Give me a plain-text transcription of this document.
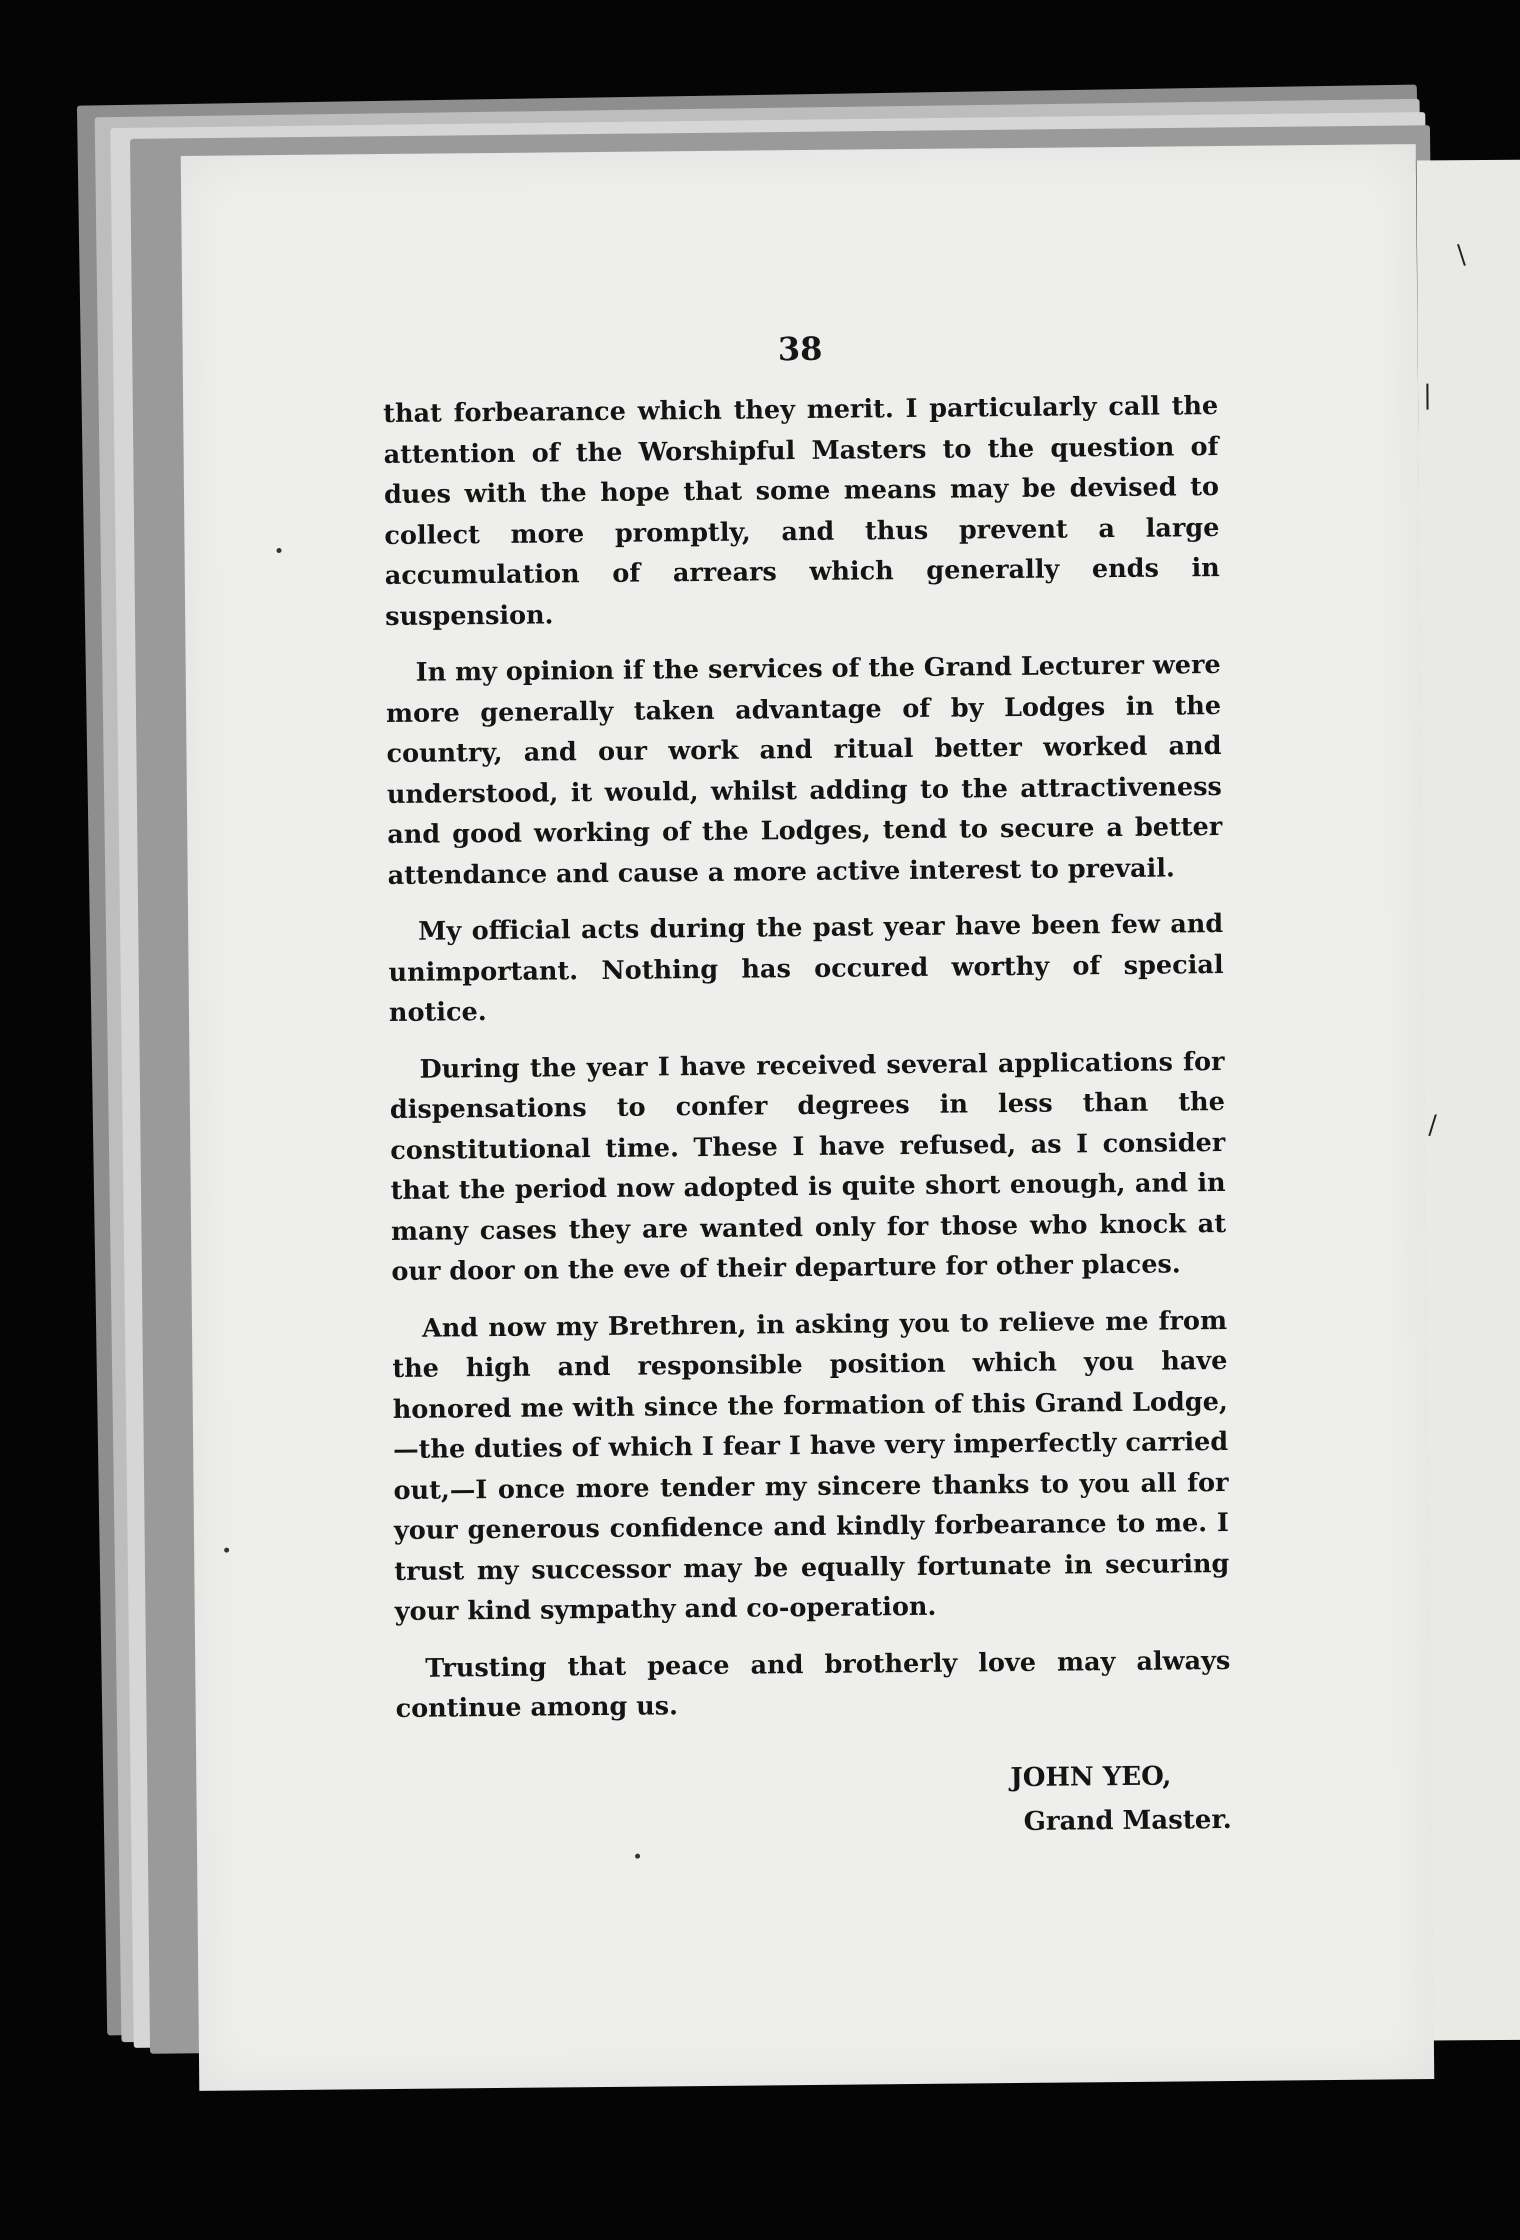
\
|
/
38

that forbearance which they merit. I particularly call the attention of the Worshipful Masters to the question of dues with the hope that some means may be devised to collect more promptly, and thus prevent a large accumulation of arrears which generally ends in suspension.

In my opinion if the services of the Grand Lecturer were more generally taken advantage of by Lodges in the country, and our work and ritual better worked and understood, it would, whilst adding to the attractiveness and good working of the Lodges, tend to secure a better attendance and cause a more active interest to prevail.

My official acts during the past year have been few and unimportant. Nothing has occured worthy of special notice.

During the year I have received several applications for dispensations to confer degrees in less than the constitutional time. These I have refused, as I consider that the period now adopted is quite short enough, and in many cases they are wanted only for those who knock at our door on the eve of their departure for other places.

And now my Brethren, in asking you to relieve me from the high and responsible position which you have honored me with since the formation of this Grand Lodge, —the duties of which I fear I have very imperfectly carried out,—I once more tender my sincere thanks to you all for your generous confidence and kindly forbearance to me. I trust my successor may be equally fortunate in securing your kind sympathy and co-operation.

Trusting that peace and brotherly love may always continue among us.

JOHN YEO,
Grand Master.
